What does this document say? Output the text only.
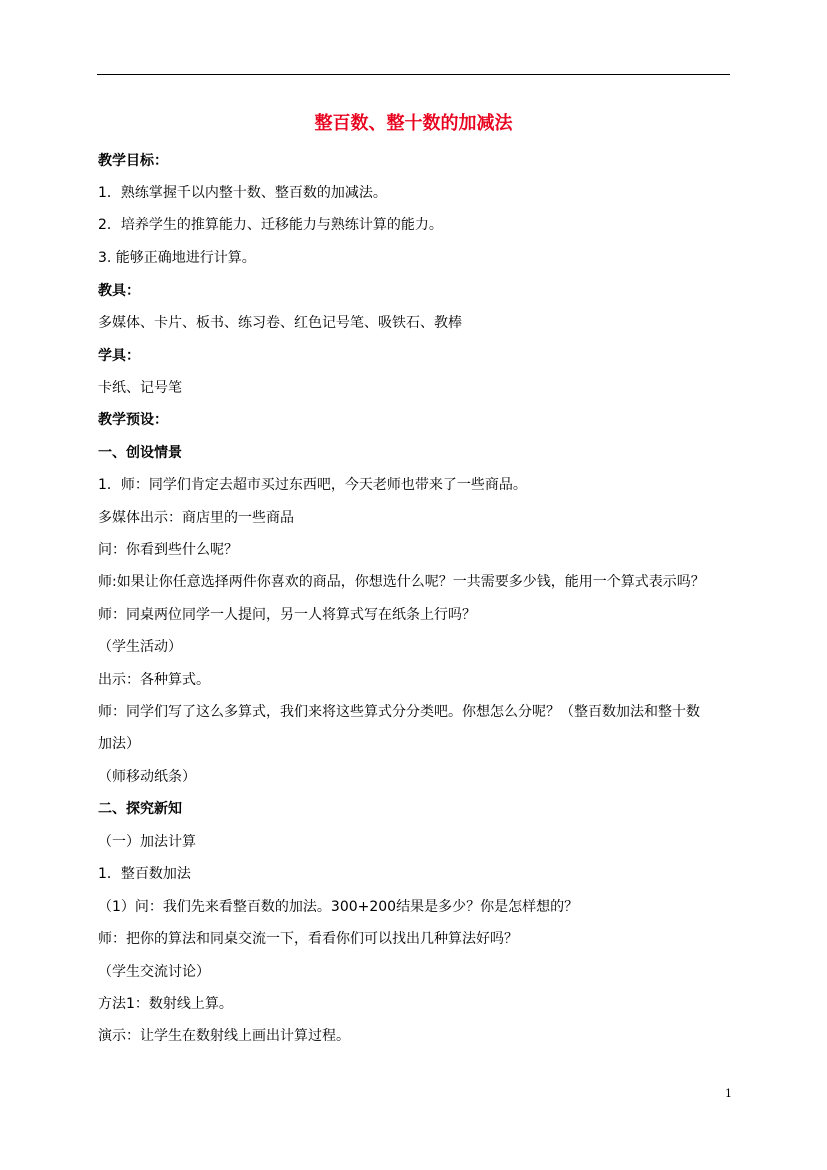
整百数、整十数的加减法
教学目标：
1．熟练掌握千以内整十数、整百数的加减法。
2．培养学生的推算能力、迁移能力与熟练计算的能力。
3. 能够正确地进行计算。
教具：
多媒体、卡片、板书、练习卷、红色记号笔、吸铁石、教棒
学具：
卡纸、记号笔
教学预设：
一、创设情景
1．师：同学们肯定去超市买过东西吧，今天老师也带来了一些商品。
多媒体出示：商店里的一些商品
问：你看到些什么呢？
师:如果让你任意选择两件你喜欢的商品，你想选什么呢？一共需要多少钱，能用一个算式表示吗？
师：同桌两位同学一人提问，另一人将算式写在纸条上行吗？
（学生活动）
出示：各种算式。
师：同学们写了这么多算式，我们来将这些算式分分类吧。你想怎么分呢？（整百数加法和整十数
加法）
（师移动纸条）
二、探究新知
（一）加法计算
1．整百数加法
（1）问：我们先来看整百数的加法。300+200结果是多少？你是怎样想的？
师：把你的算法和同桌交流一下，看看你们可以找出几种算法好吗？
（学生交流讨论）
方法1：数射线上算。
演示：让学生在数射线上画出计算过程。
1
